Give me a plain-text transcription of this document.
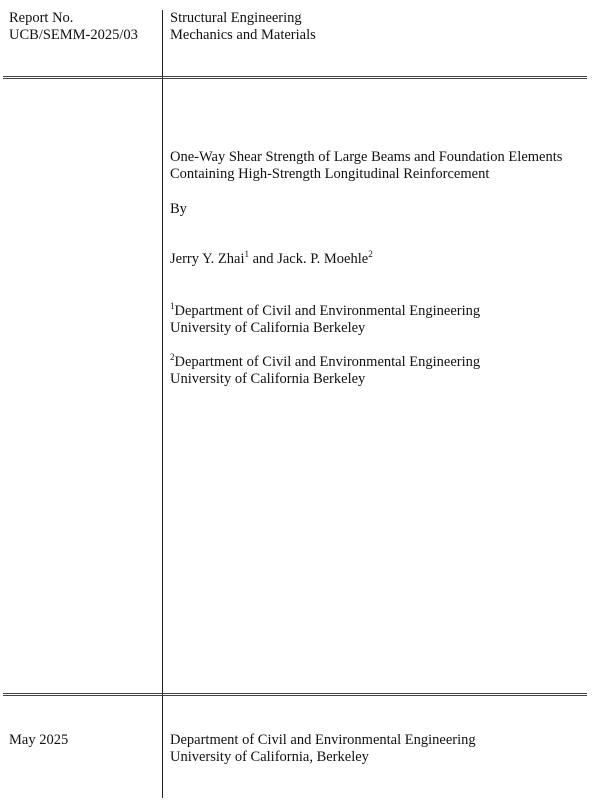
Report No.
UCB/SEMM-2025/03
Structural Engineering
Mechanics and Materials
One-Way Shear Strength of Large Beams and Foundation Elements
Containing High-Strength Longitudinal Reinforcement
By
Jerry Y. Zhai$^1$ and Jack. P. Moehle$^2$
$^1$Department of Civil and Environmental Engineering
University of California Berkeley
$^2$Department of Civil and Environmental Engineering
University of California Berkeley
May 2025	Department of Civil and Environmental Engineering
University of California, Berkeley
